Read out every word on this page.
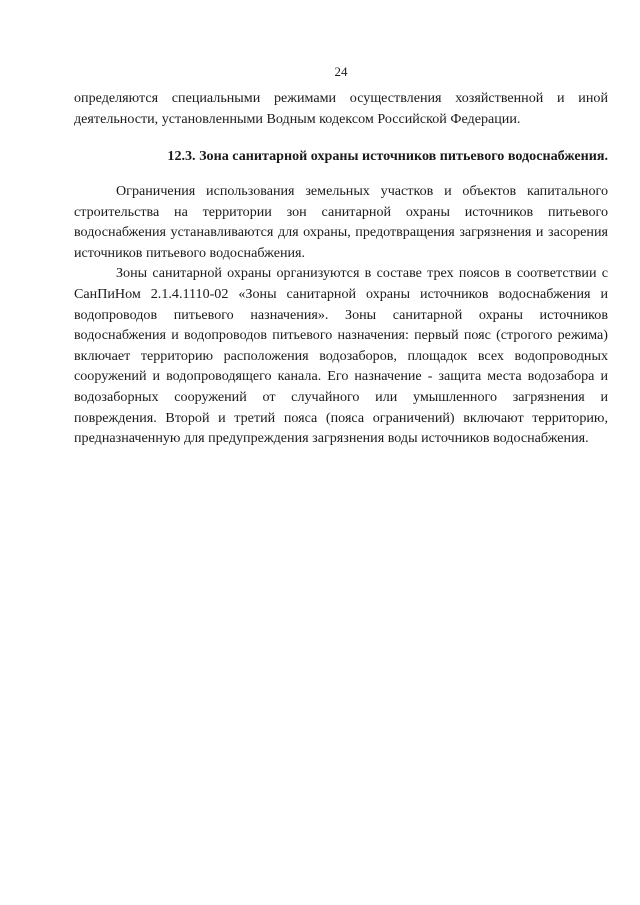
24
определяются специальными режимами осуществления хозяйственной и иной деятельности, установленными Водным кодексом Российской Федерации.
12.3. Зона санитарной охраны источников питьевого водоснабжения.

Ограничения использования земельных участков и объектов капитального строительства на территории зон санитарной охраны источников питьевого водоснабжения устанавливаются для охраны, предотвращения загрязнения и засорения источников питьевого водоснабжения.

Зоны санитарной охраны организуются в составе трех поясов в соответствии с СанПиНом 2.1.4.1110-02 «Зоны санитарной охраны источников водоснабжения и водопроводов питьевого назначения». Зоны санитарной охраны источников водоснабжения и водопроводов питьевого назначения: первый пояс (строгого режима) включает территорию расположения водозаборов, площадок всех водопроводных сооружений и водопроводящего канала. Его назначение - защита места водозабора и водозаборных сооружений от случайного или умышленного загрязнения и повреждения. Второй и третий пояса (пояса ограничений) включают территорию, предназначенную для предупреждения загрязнения воды источников водоснабжения.
